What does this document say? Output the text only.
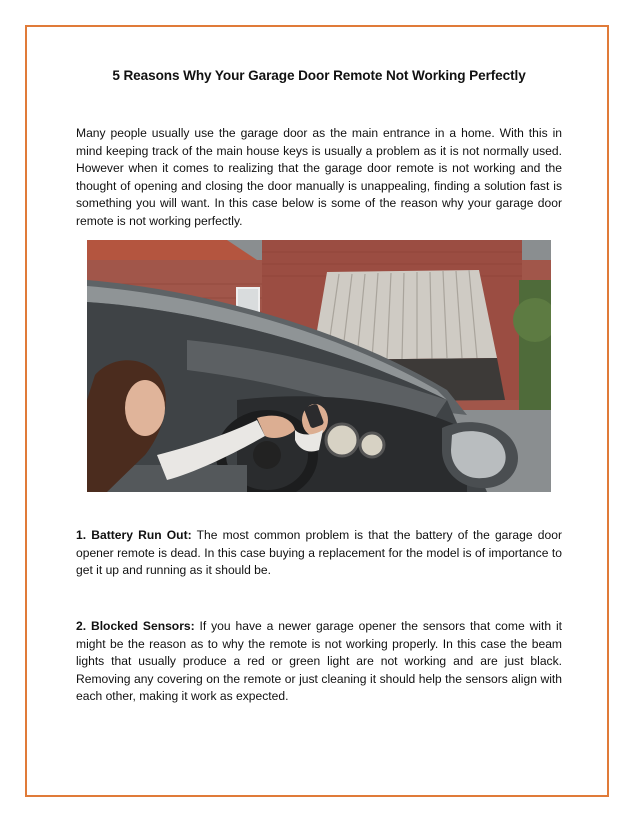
5 Reasons Why Your Garage Door Remote Not Working Perfectly

Many people usually use the garage door as the main entrance in a home. With this in mind keeping track of the main house keys is usually a problem as it is not normally used. However when it comes to realizing that the garage door remote is not working and the thought of opening and closing the door manually is unappealing, finding a solution fast is something you will want. In this case below is some of the reason why your garage door remote is not working perfectly.

1. Battery Run Out: The most common problem is that the battery of the garage door opener remote is dead. In this case buying a replacement for the model is of importance to get it up and running as it should be.

2. Blocked Sensors: If you have a newer garage opener the sensors that come with it might be the reason as to why the remote is not working properly. In this case the beam lights that usually produce a red or green light are not working and are just black. Removing any covering on the remote or just cleaning it should help the sensors align with each other, making it work as expected.
